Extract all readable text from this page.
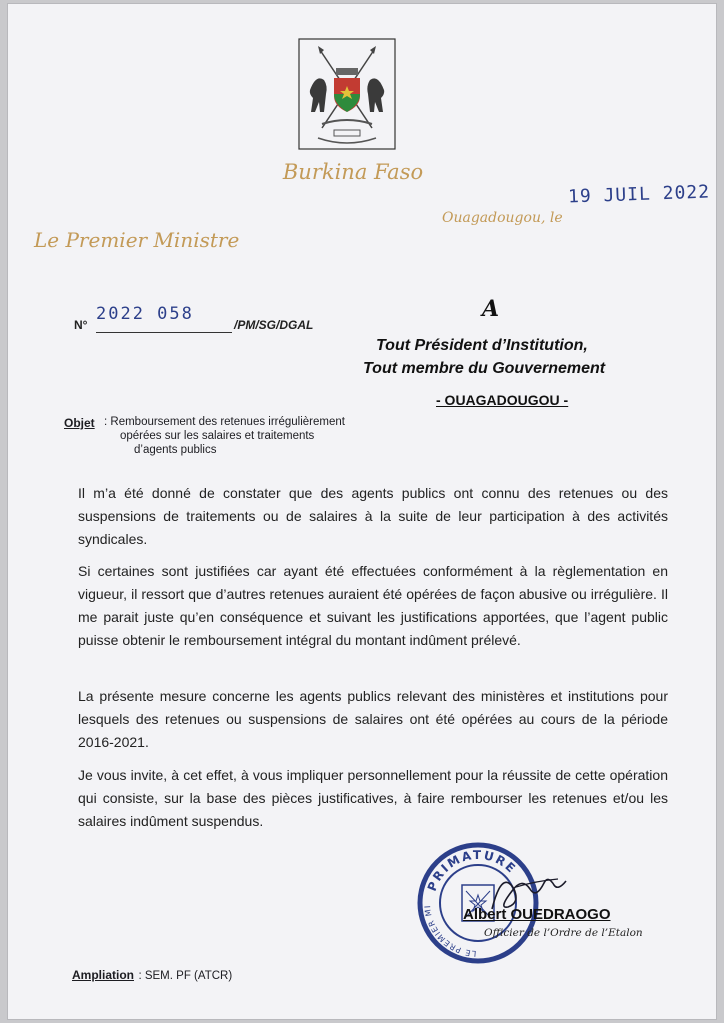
Burkina Faso
19 JUIL 2022
Ouagadougou, le
Le Premier Ministre
N°
2022 058
/PM/SG/DGAL
A
Tout Président d’Institution,
Tout membre du Gouvernement
- OUAGADOUGOU -
Objet : Remboursement des retenues irrégulièrement
opérées sur les salaires et traitements
d’agents publics
Il m’a été donné de constater que des agents publics ont connu des retenues ou des suspensions de traitements ou de salaires à la suite de leur participation à des activités syndicales.
Si certaines sont justifiées car ayant été effectuées conformément à la règlementation en vigueur, il ressort que d’autres retenues auraient été opérées de façon abusive ou irrégulière. Il me parait juste qu’en conséquence et suivant les justifications apportées, que l’agent public puisse obtenir le remboursement intégral du montant indûment prélevé.
La présente mesure concerne les agents publics relevant des ministères et institutions pour lesquels des retenues ou suspensions de salaires ont été opérées au cours de la période 2016-2021.
Je vous invite, à cet effet, à vous impliquer personnellement pour la réussite de cette opération qui consiste, sur la base des pièces justificatives, à faire rembourser les retenues et/ou les salaires indûment suspendus.
PRIMATURE
LE PREMIER MI	Albert OUEDRAOGO
Officier de l’Ordre de l’Etalon
Ampliation : SEM. PF (ATCR)
